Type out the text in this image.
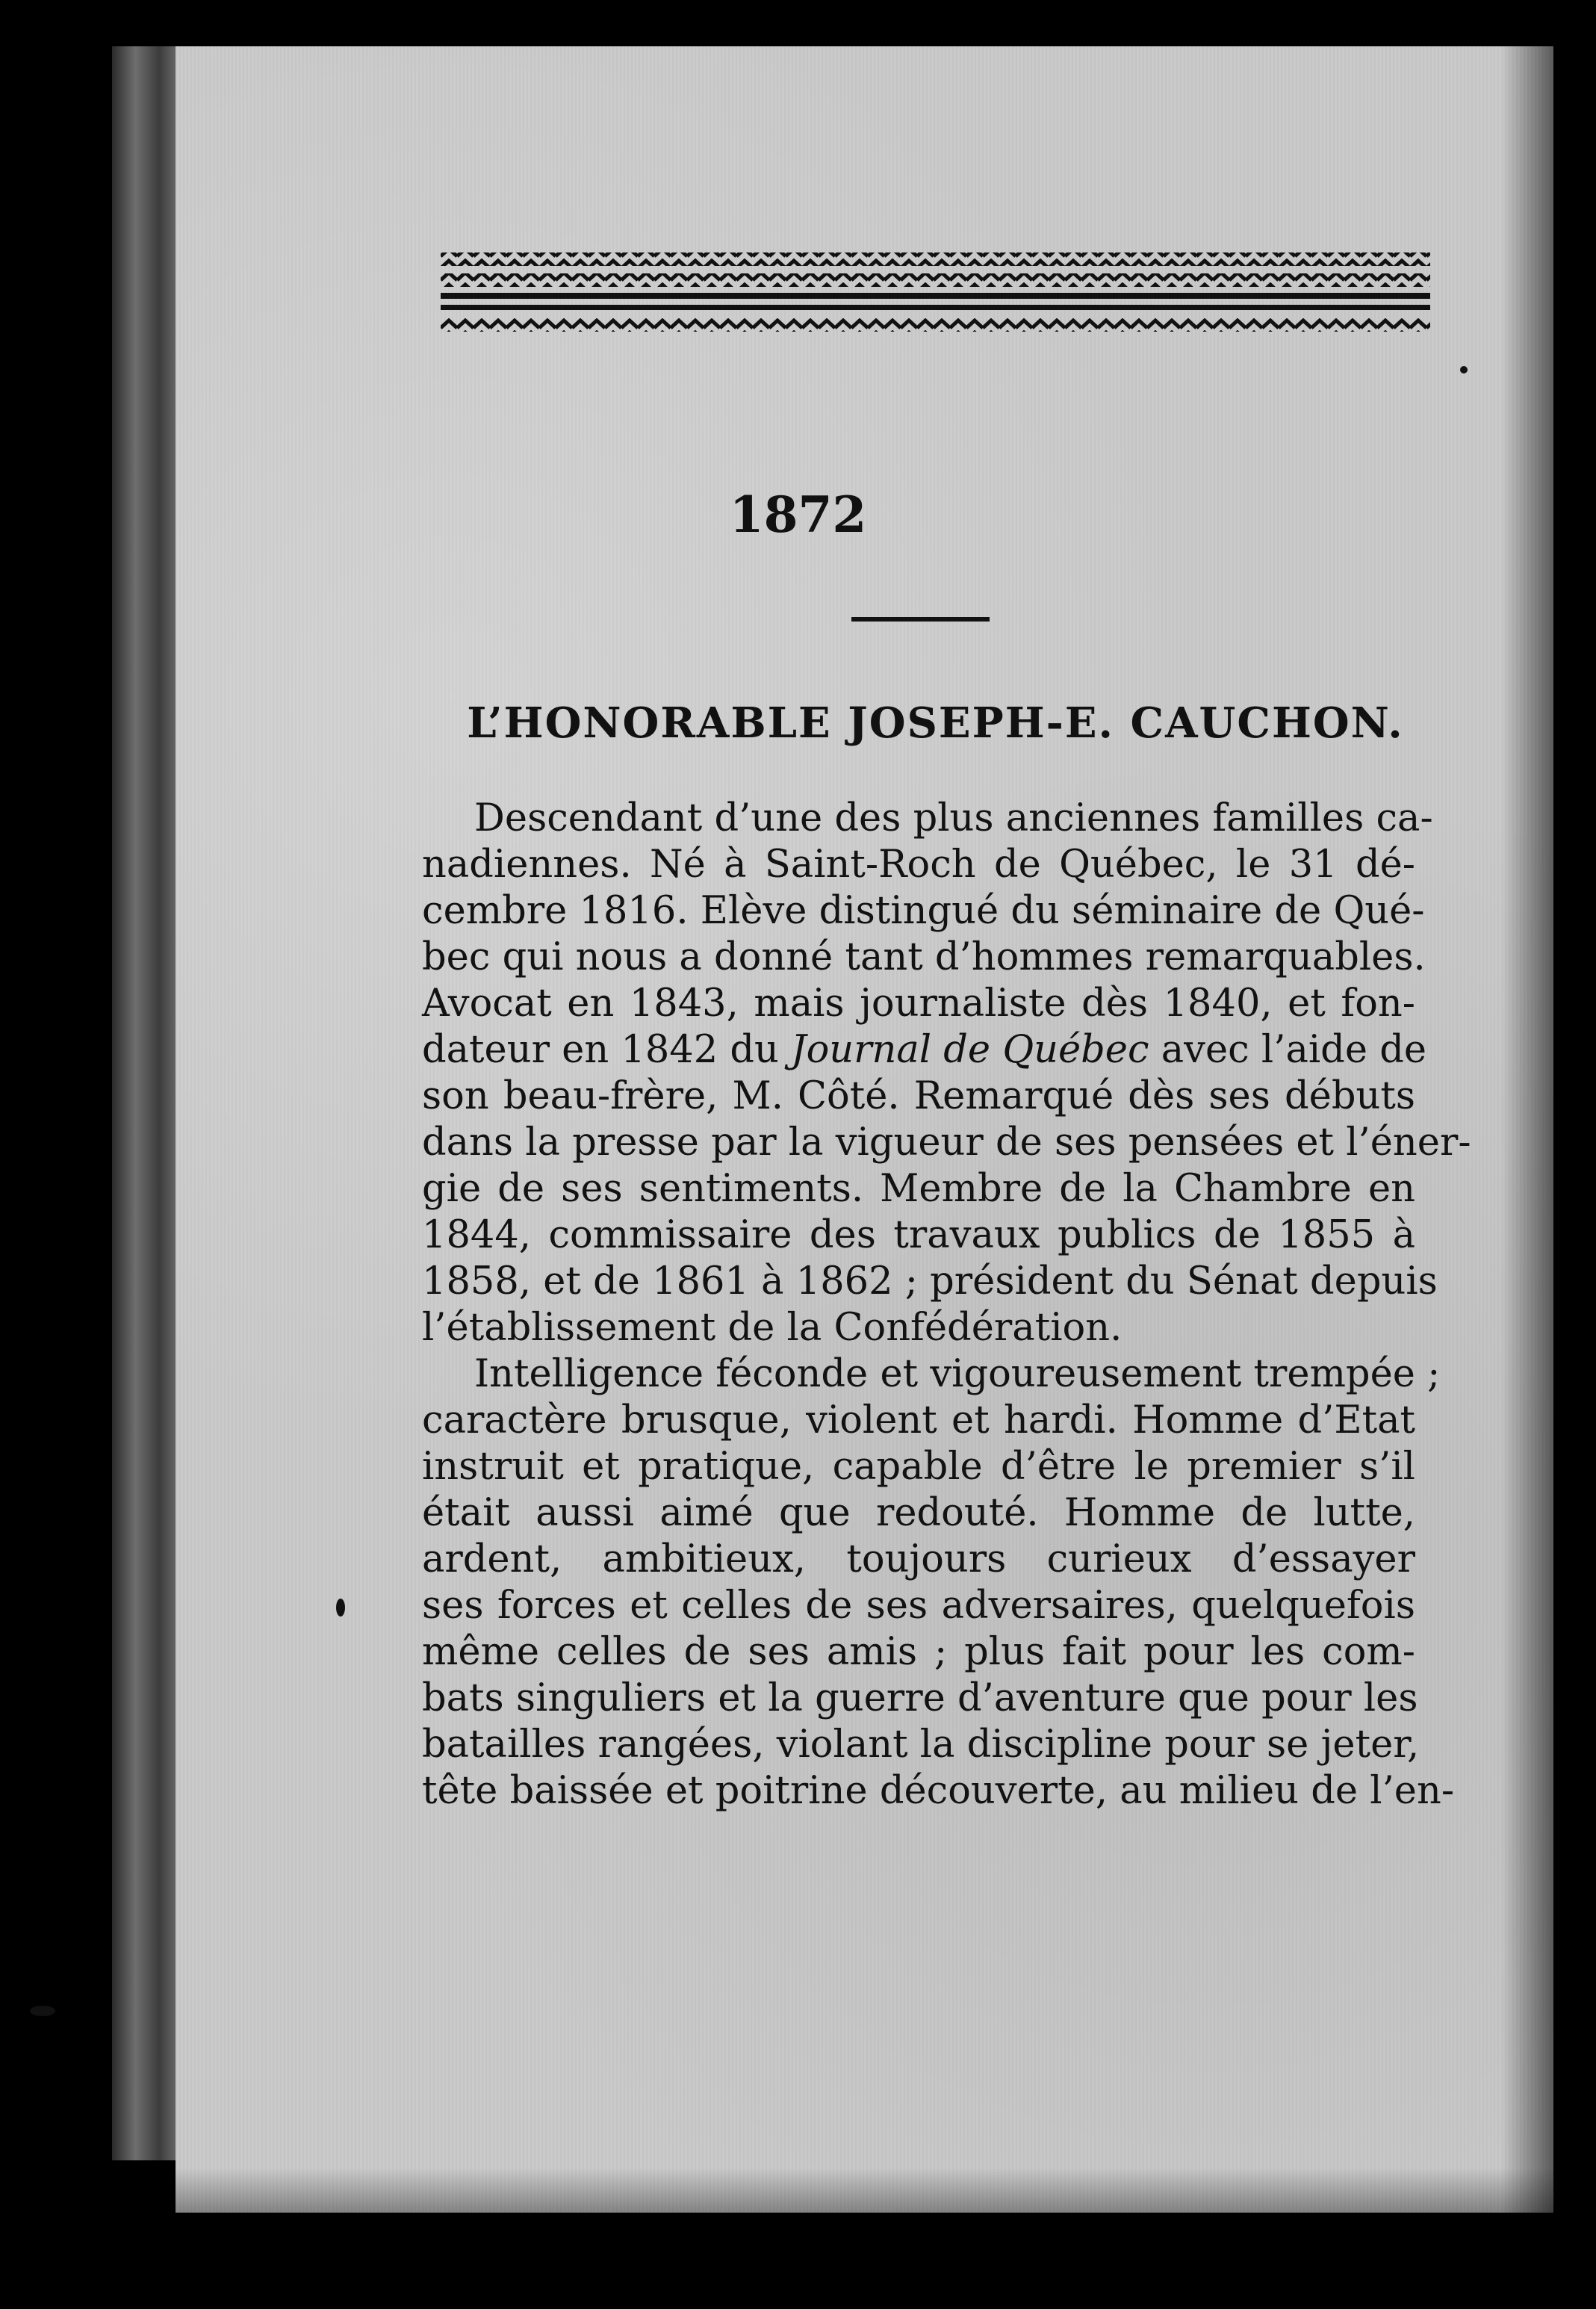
1872
L’HONORABLE JOSEPH-E. CAUCHON.
Descendant d’une des plus anciennes familles ca-
nadiennes. Né à Saint-Roch de Québec, le 31 dé-
cembre 1816. Elève distingué du séminaire de Qué-
bec qui nous a donné tant d’hommes remarquables.
Avocat en 1843, mais journaliste dès 1840, et fon-
dateur en 1842 du Journal de Québec avec l’aide de
son beau-frère, M. Côté. Remarqué dès ses débuts
dans la presse par la vigueur de ses pensées et l’éner-
gie de ses sentiments. Membre de la Chambre en
1844, commissaire des travaux publics de 1855 à
1858, et de 1861 à 1862 ; président du Sénat depuis
l’établissement de la Confédération.
Intelligence féconde et vigoureusement trempée ;
caractère brusque, violent et hardi. Homme d’Etat
instruit et pratique, capable d’être le premier s’il
était aussi aimé que redouté. Homme de lutte,
ardent, ambitieux, toujours curieux d’essayer
ses forces et celles de ses adversaires, quelquefois
même celles de ses amis ; plus fait pour les com-
bats singuliers et la guerre d’aventure que pour les
batailles rangées, violant la discipline pour se jeter,
tête baissée et poitrine découverte, au milieu de l’en-
